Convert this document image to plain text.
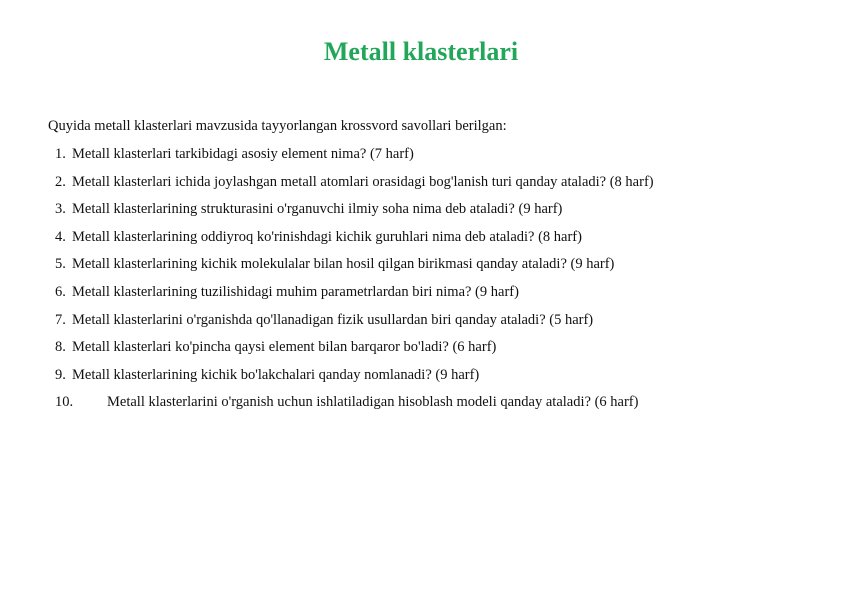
Metall klasterlari
Quyida metall klasterlari mavzusida tayyorlangan krossvord savollari berilgan:
1. Metall klasterlari tarkibidagi asosiy element nima? (7 harf)
2. Metall klasterlari ichida joylashgan metall atomlari orasidagi bog'lanish turi qanday ataladi? (8 harf)
3. Metall klasterlarining strukturasini o'rganuvchi ilmiy soha nima deb ataladi? (9 harf)
4. Metall klasterlarining oddiyroq ko'rinishdagi kichik guruhlari nima deb ataladi? (8 harf)
5. Metall klasterlarining kichik molekulalar bilan hosil qilgan birikmasi qanday ataladi? (9 harf)
6. Metall klasterlarining tuzilishidagi muhim parametrlardan biri nima? (9 harf)
7. Metall klasterlarini o'rganishda qo'llanadigan fizik usullardan biri qanday ataladi? (5 harf)
8. Metall klasterlari ko'pincha qaysi element bilan barqaror bo'ladi? (6 harf)
9. Metall klasterlarining kichik bo'lakchalari qanday nomlanadi? (9 harf)
10. Metall klasterlarini o'rganish uchun ishlatiladigan hisoblash modeli qanday ataladi? (6 harf)
